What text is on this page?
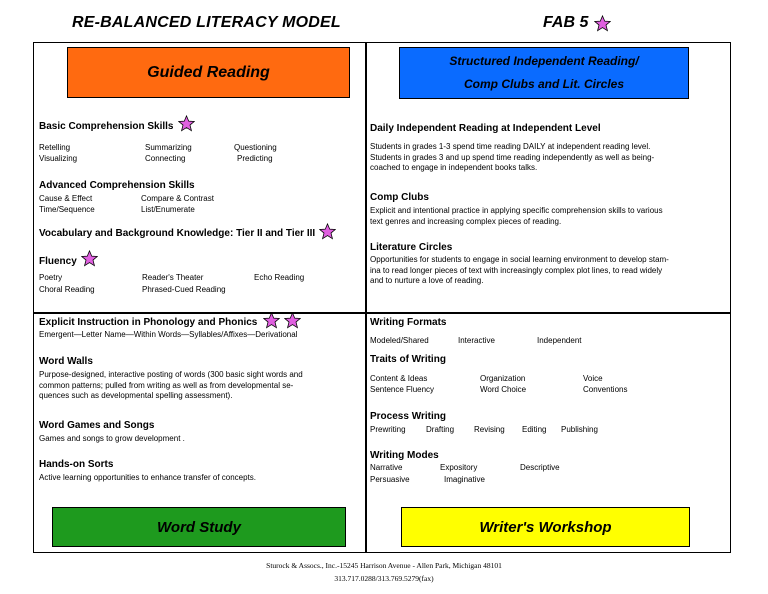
RE-BALANCED LITERACY MODEL	FAB 5
Guided Reading
Structured Independent Reading/
Comp Clubs and Lit. Circles
Word Study	Writer's Workshop
Basic Comprehension Skills
Retelling	Summarizing	Questioning
Visualizing	Connecting	Predicting
Advanced Comprehension Skills
Cause & Effect	Compare & Contrast
Time/Sequence	List/Enumerate
Vocabulary and Background Knowledge: Tier II and Tier III
Fluency
Poetry	Reader's Theater	Echo Reading
Choral Reading	Phrased-Cued Reading
Daily Independent Reading at Independent Level
Students in grades 1-3 spend time reading DAILY at independent reading level.
Students in grades 3 and up spend time reading independently as well as being-
coached to engage in independent books talks.
Comp Clubs
Explicit and intentional practice in applying specific comprehension skills to various
text genres and increasing complex pieces of reading.
Literature Circles
Opportunities for students to engage in social learning environment to develop stam-
ina to read longer pieces of text with increasingly complex plot lines, to read widely
and to nurture a love of reading.
Explicit Instruction in Phonology and Phonics
Emergent—Letter Name—Within Words—Syllables/Affixes—Derivational
Word Walls
Purpose-designed, interactive posting of words (300 basic sight words and
common patterns; pulled from writing as well as from developmental se-
quences such as developmental spelling assessment).
Word Games and Songs
Games and songs to grow development .
Hands-on Sorts
Active learning opportunities to enhance transfer of concepts.
Writing Formats
Modeled/Shared	Interactive	Independent
Traits of Writing
Content & Ideas	Organization	Voice
Sentence Fluency	Word Choice	Conventions
Process Writing
Prewriting	Drafting Revising Editing Publishing
Writing Modes
Narrative	Expository	Descriptive
Persuasive	Imaginative
Sturock & Assocs., Inc.-15245 Harrison Avenue - Allen Park, Michigan 48101
313.717.0288/313.769.5279(fax)
